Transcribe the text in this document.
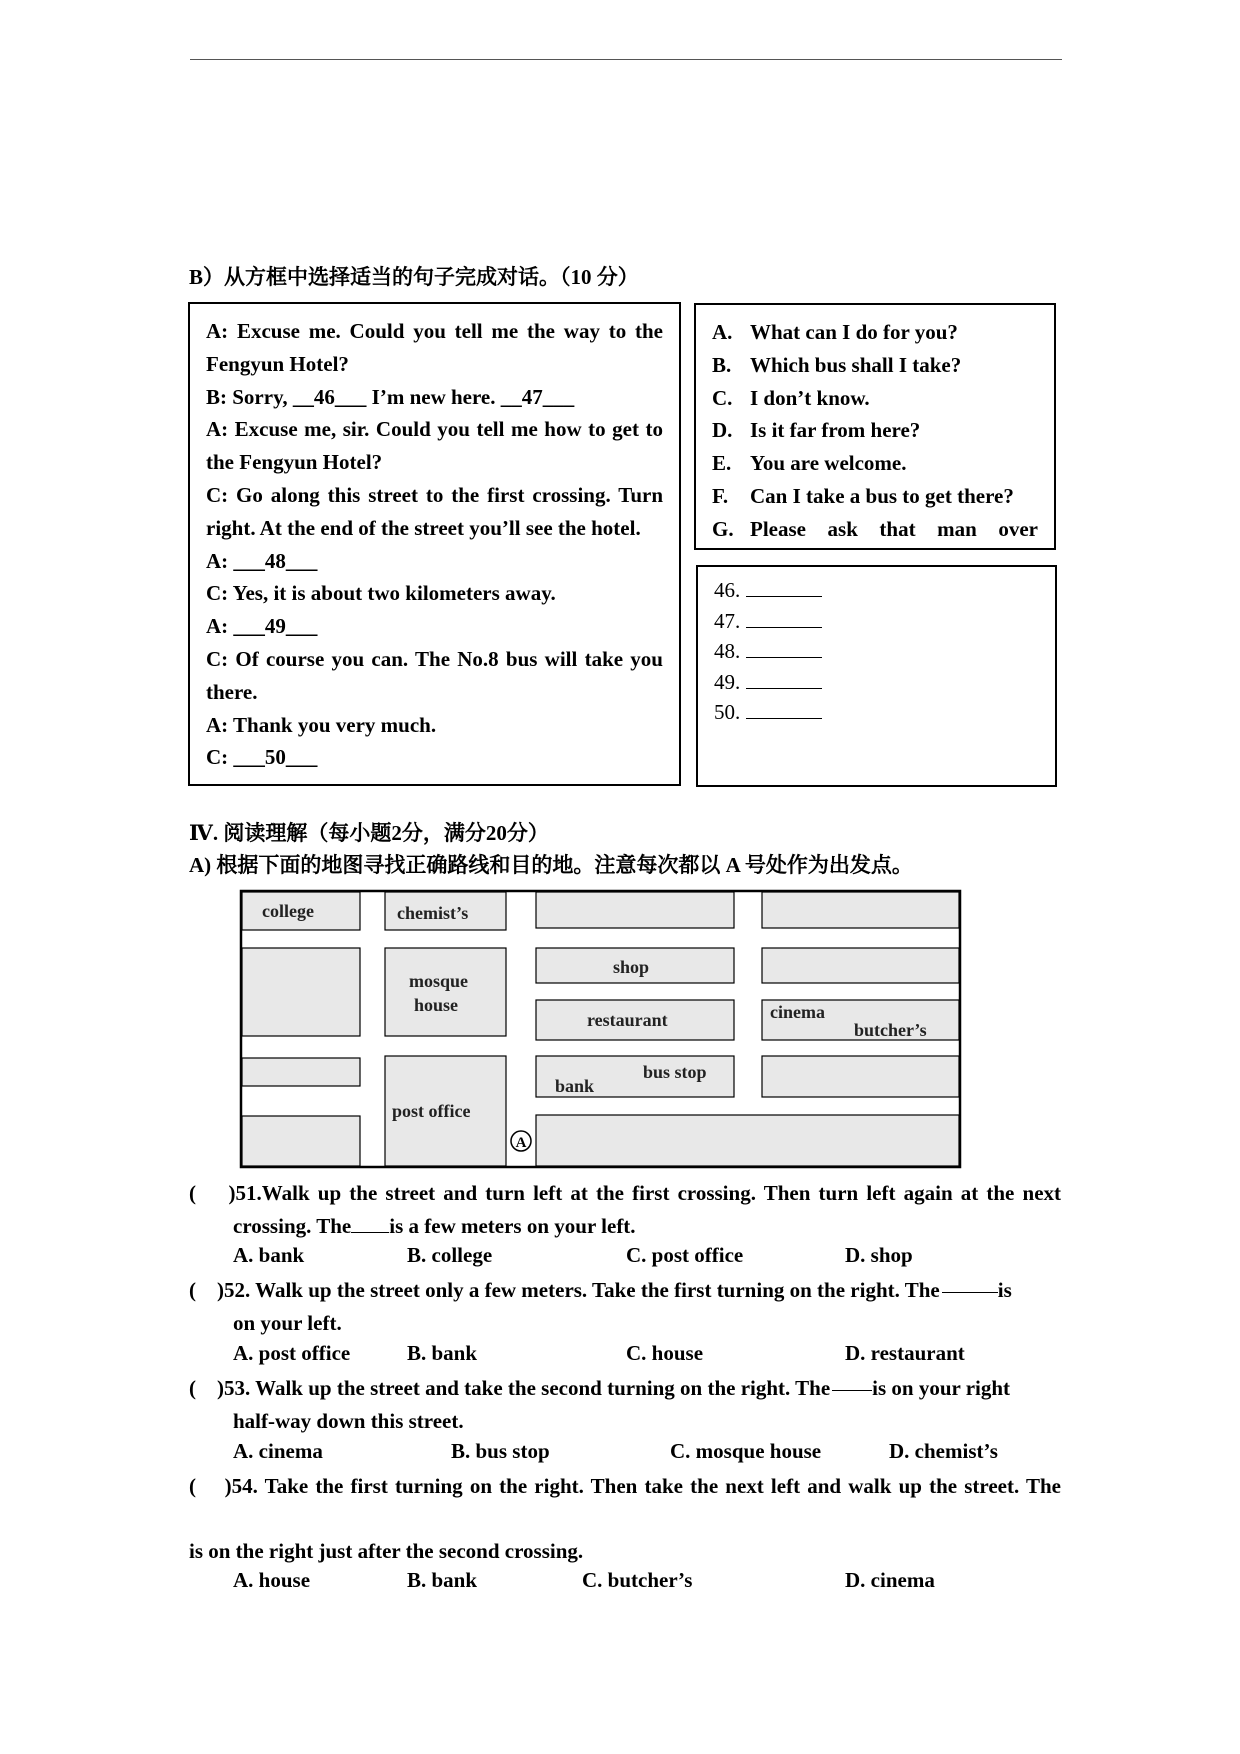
B）从方框中选择适当的句子完成对话。（10 分）

A: Excuse me. Could you tell me the way to the Fengyun Hotel?

B: Sorry, __46___ I’m new here. __47___

A: Excuse me, sir. Could you tell me how to get to the Fengyun Hotel?

C: Go along this street to the first crossing. Turn right. At the end of the street you’ll see the hotel.

A: ___48___

C: Yes, it is about two kilometers away.

A: ___49___

C: Of course you can. The No.8 bus will take you there.

A: Thank you very much.

C: ___50___

A. What can I do for you?
B. Which bus shall I take?
C. I don’t know.
D. Is it far from here?
E. You are welcome.
F.	Can I take a bus to get there?
G. Please ask that man over
46.
47.
48.
49.
50.
Ⅳ. 阅读理解（每小题2分，满分20分）
A) 根据下面的地图寻找正确路线和目的地。注意每次都以 A 号处作为出发点。
college	chemist’s
mosque
house
shop
restaurant	cinema
butcher’s
bus stop
bank
post office
A
( )51.Walk up the street and turn left at the first crossing. Then turn left again at the next
crossing. The is a few meters on your left.
A. bank	B. college	C. post office	D. shop
(
) 52. Walk up the street only a few meters. Take the first turning on the right. The	is
on your left.
A. post office	B. bank	C. house	D. restaurant
(
) 53. Walk up the street and take the second turning on the right. The is on your right
half-way down this street.
A. cinema	B. bus stop	C. mosque house	D. chemist’s
( )54. Take the first turning on the right. Then take the next left and walk up the street. The
is on the right just after the second crossing.
A. house	B. bank	C. butcher’s	D. cinema
